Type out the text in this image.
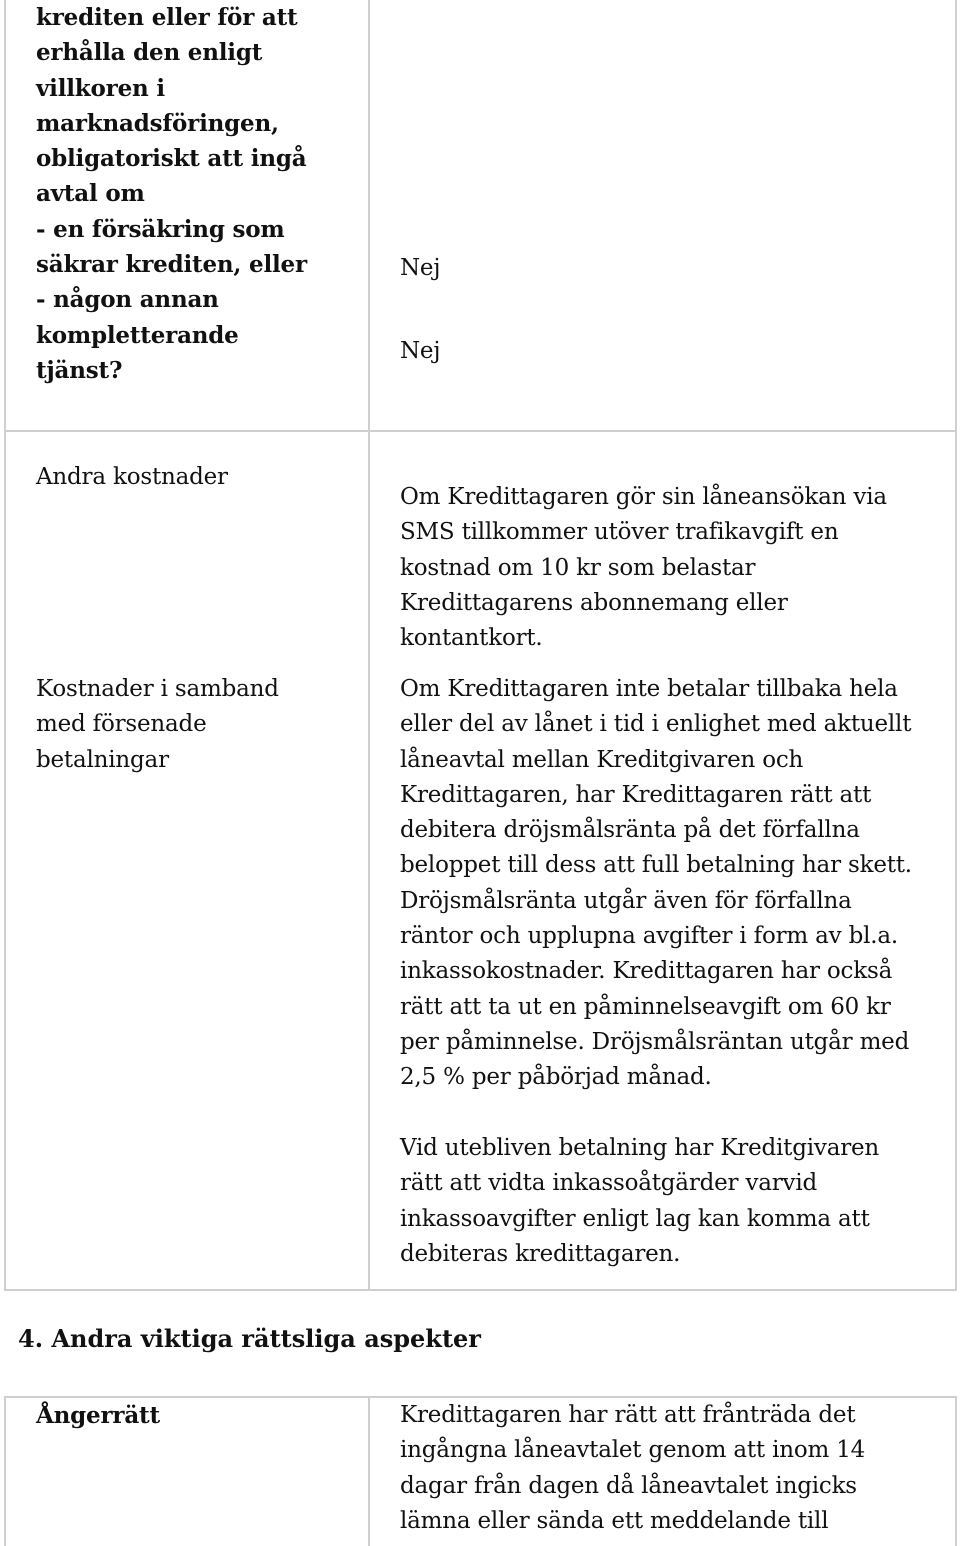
krediten eller för att
erhålla den enligt
villkoren i
marknadsföringen,
obligatoriskt att ingå
avtal om
- en försäkring som
säkrar krediten, eller
- någon annan
kompletterande
tjänst?
Nej
Nej
Andra kostnader
Om Kredittagaren gör sin låneansökan via
SMS tillkommer utöver trafikavgift en
kostnad om 10 kr som belastar
Kredittagarens abonnemang eller
kontantkort.
Kostnader i samband
med försenade
betalningar
Om Kredittagaren inte betalar tillbaka hela
eller del av lånet i tid i enlighet med aktuellt
låneavtal mellan Kreditgivaren och
Kredittagaren, har Kredittagaren rätt att
debitera dröjsmålsränta på det förfallna
beloppet till dess att full betalning har skett.
Dröjsmålsränta utgår även för förfallna
räntor och upplupna avgifter i form av bl.a.
inkassokostnader. Kredittagaren har också
rätt att ta ut en påminnelseavgift om 60 kr
per påminnelse. Dröjsmålsräntan utgår med
2,5 % per påbörjad månad.
Vid utebliven betalning har Kreditgivaren
rätt att vidta inkassoåtgärder varvid
inkassoavgifter enligt lag kan komma att
debiteras kredittagaren.
4. Andra viktiga rättsliga aspekter
Ångerrätt	Kredittagaren har rätt att frånträda det
ingångna låneavtalet genom att inom 14
dagar från dagen då låneavtalet ingicks
lämna eller sända ett meddelande till
